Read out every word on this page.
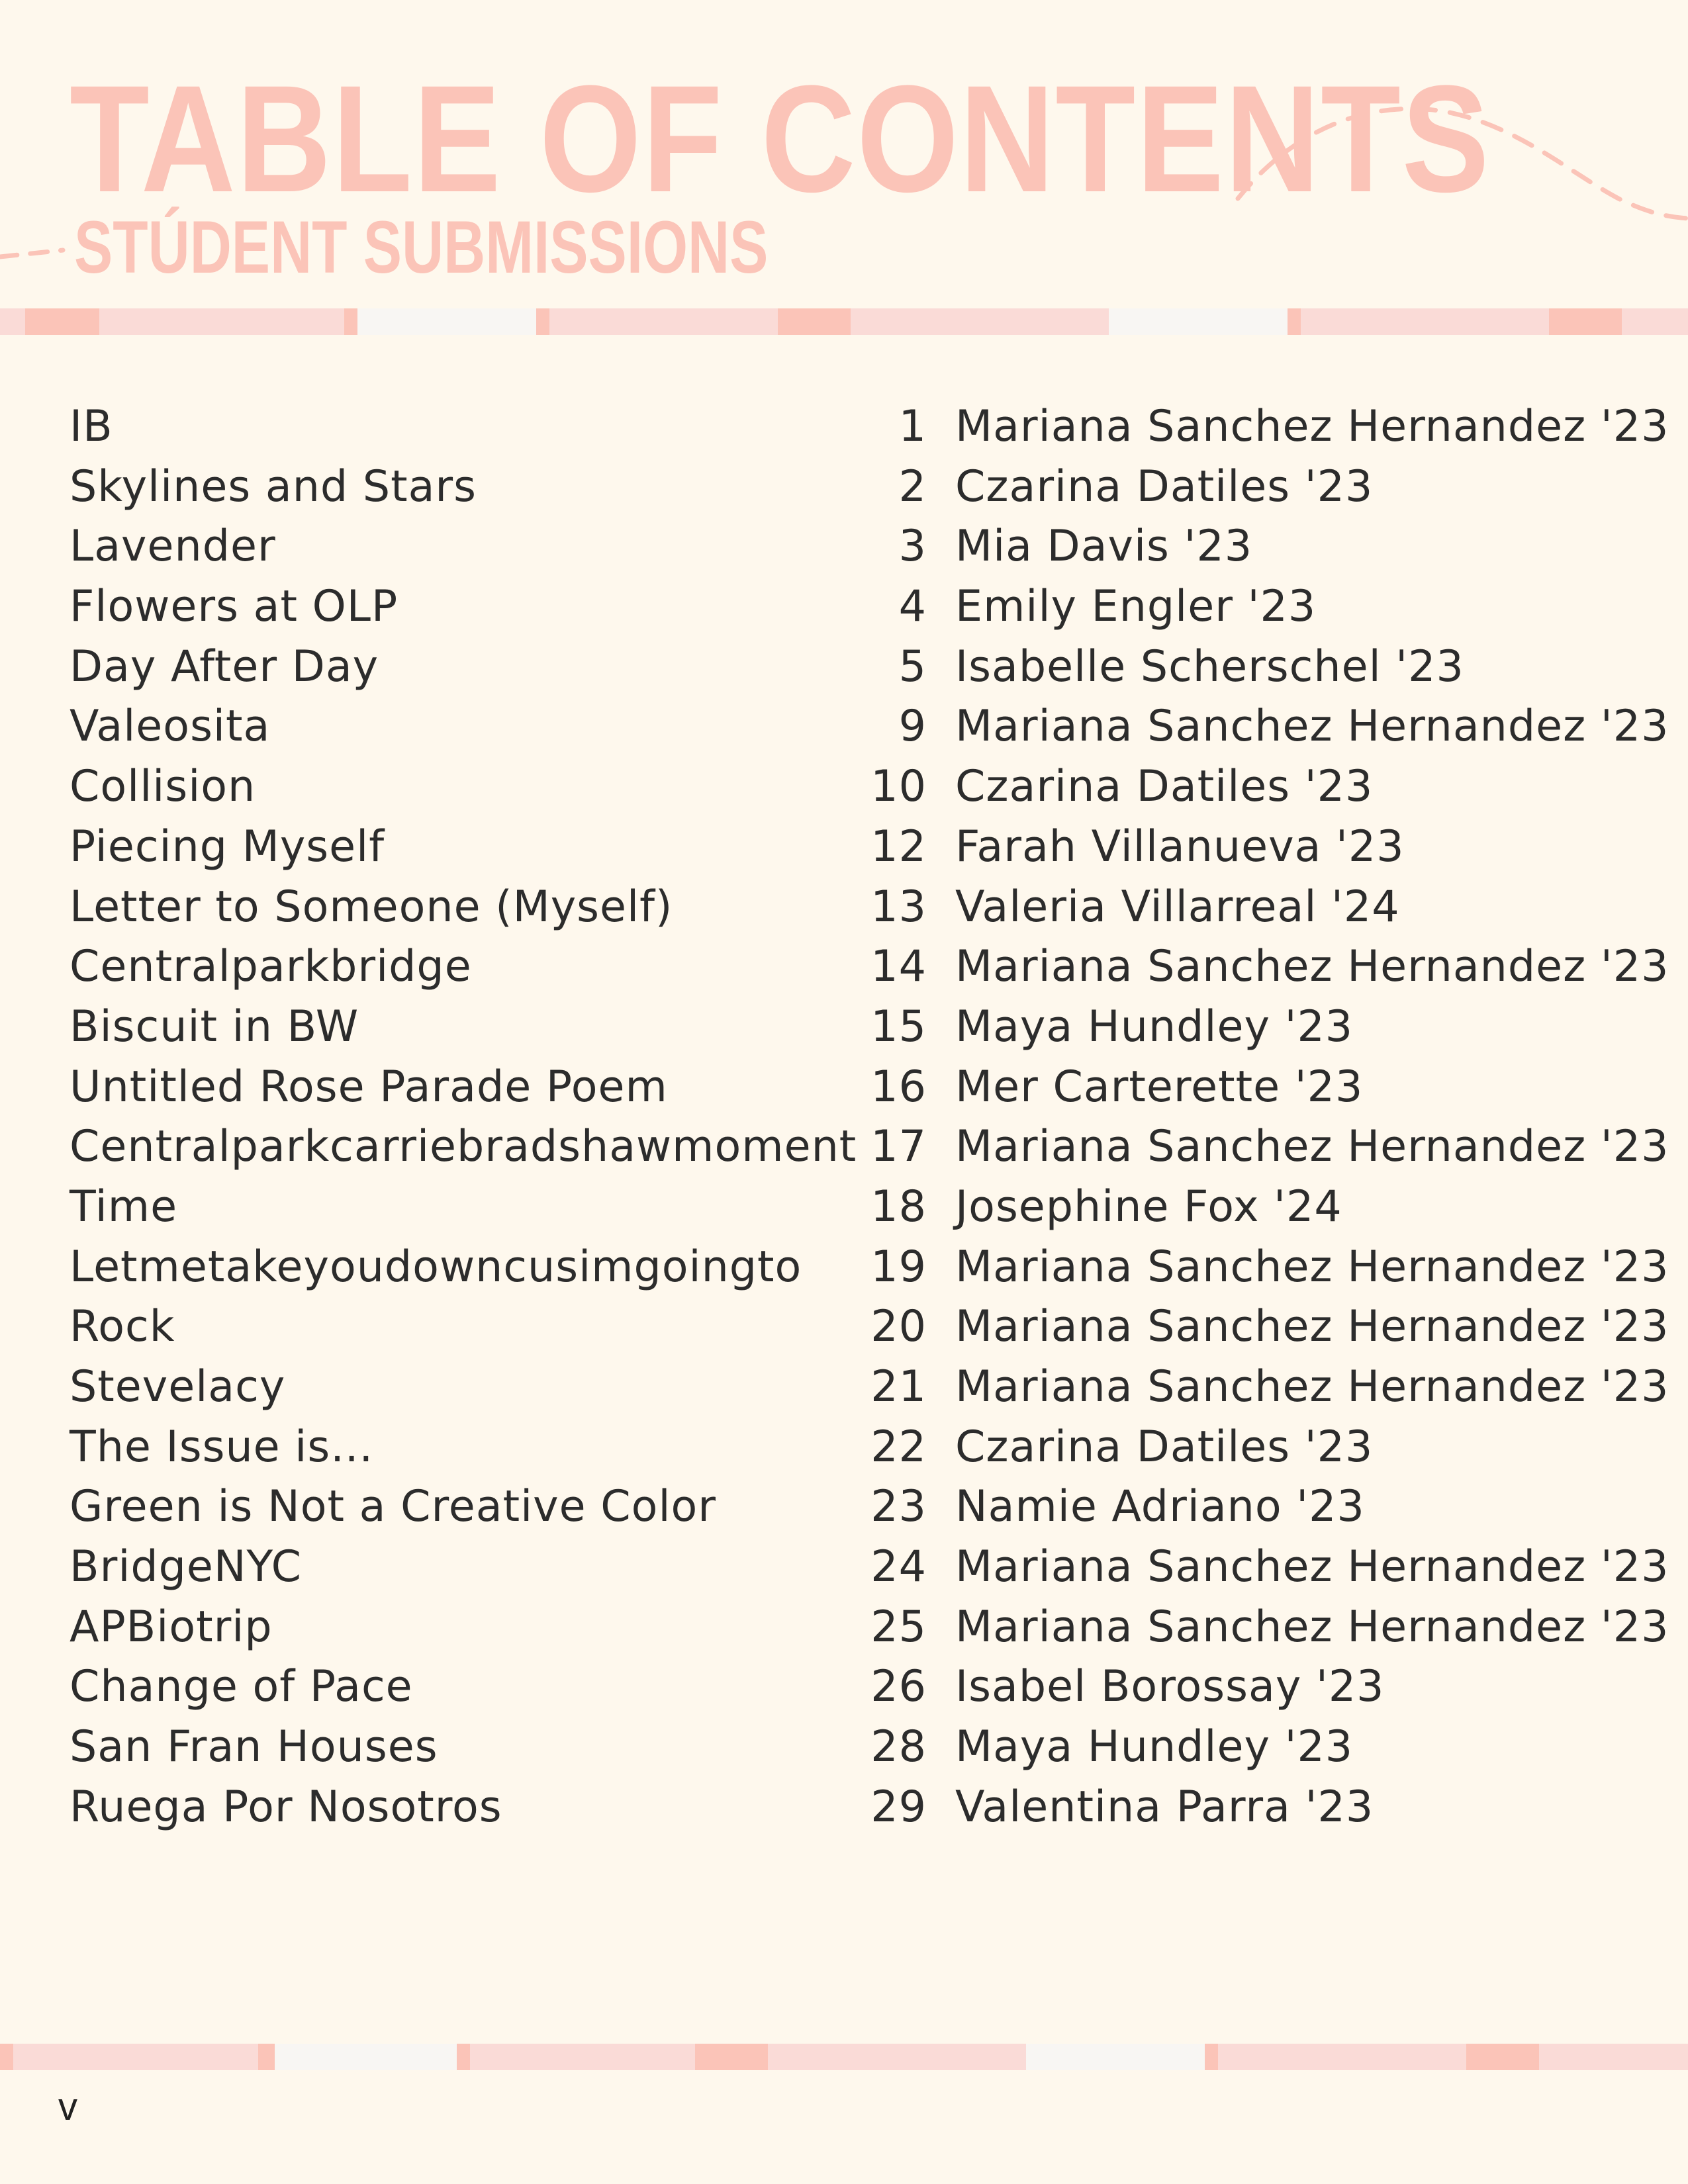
TABLE OF CONTENTS
STÚDENT SUBMISSIONS
IB	1 Mariana Sanchez Hernandez '23
Skylines and Stars	2 Czarina Datiles '23
Lavender	3 Mia Davis '23
Flowers at OLP	4 Emily Engler '23
Day After Day	5 Isabelle Scherschel '23
Valeosita	9 Mariana Sanchez Hernandez '23
Collision	10 Czarina Datiles '23
Piecing Myself	12 Farah Villanueva '23
Letter to Someone (Myself)	13 Valeria Villarreal '24
Centralparkbridge	14 Mariana Sanchez Hernandez '23
Biscuit in BW	15 Maya Hundley '23
Untitled Rose Parade Poem	16 Mer Carterette '23
Centralparkcarriebradshawmoment 17 Mariana Sanchez Hernandez '23
Time	18 Josephine Fox '24
Letmetakeyoudowncusimgoingto 19 Mariana Sanchez Hernandez '23
Rock	20 Mariana Sanchez Hernandez '23
Stevelacy	21 Mariana Sanchez Hernandez '23
The Issue is...	22 Czarina Datiles '23
Green is Not a Creative Color	23 Namie Adriano '23
BridgeNYC	24 Mariana Sanchez Hernandez '23
APBiotrip	25 Mariana Sanchez Hernandez '23
Change of Pace	26 Isabel Borossay '23
San Fran Houses	28 Maya Hundley '23
Ruega Por Nosotros	29 Valentina Parra '23
v
